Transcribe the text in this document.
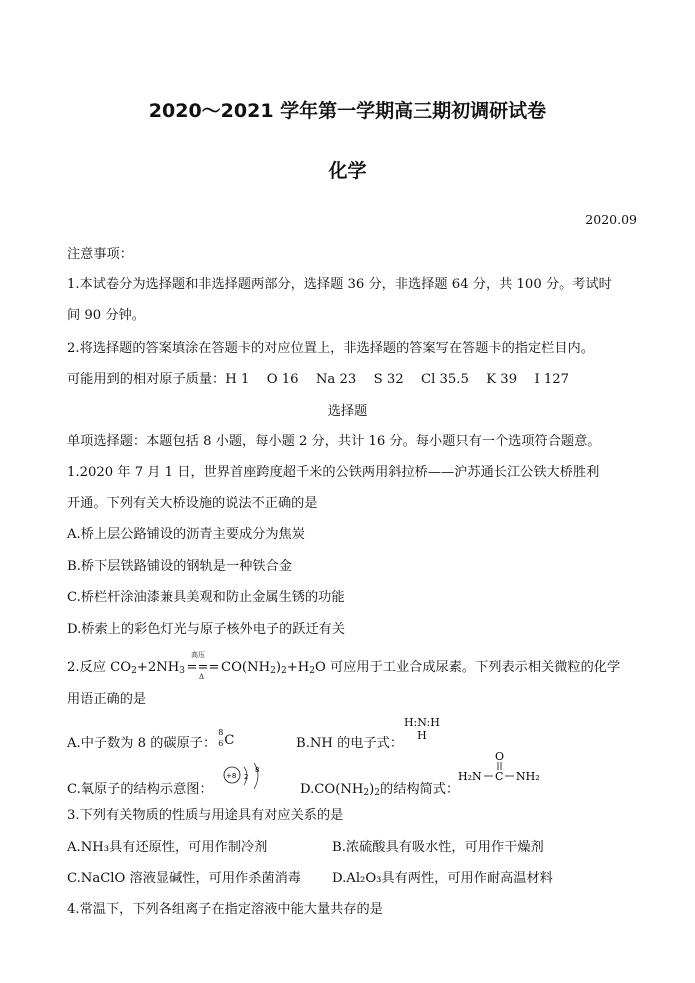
2020～2021 学年第一学期高三期初调研试卷
化学
2020.09
注意事项：
1.本试卷分为选择题和非选择题两部分，选择题 36 分，非选择题 64 分，共 100 分。考试时
间 90 分钟。
2.将选择题的答案填涂在答题卡的对应位置上，非选择题的答案写在答题卡的指定栏目内。
可能用到的相对原子质量：H 1　 O 16　 Na 23　 S 32　 Cl 35.5　 K 39　 I 127
选择题
单项选择题：本题包括 8 小题，每小题 2 分，共计 16 分。每小题只有一个选项符合题意。
1.2020 年 7 月 1 日，世界首座跨度超千米的公铁两用斜拉桥——沪苏通长江公铁大桥胜利
开通。下列有关大桥设施的说法不正确的是
A.桥上层公路铺设的沥青主要成分为焦炭
B.桥下层铁路铺设的钢轨是一种铁合金
C.桥栏杆涂油漆兼具美观和防止金属生锈的功能
D.桥索上的彩色灯光与原子核外电子的跃迁有关
2.反应 $CO_2+2NH_3$
高压
===
Δ
$CO(NH_2)_2+H_2O$ 可应用于工业合成尿素。下列表示相关微粒的化学
用语正确的是
A.中子数为 8 的碳原子：
8
6 C	B.NH 的电子式：
H:N:H
H
C.氧原子的结构示意图：
+8 2
8
$D.CO(NH_2)_2$的结构简式：
H₂N C
O
NH₂
3.下列有关物质的性质与用途具有对应关系的是
A.NH₃具有还原性，可用作制冷剂	B.浓硫酸具有吸水性，可用作干燥剂
C.NaClO 溶液显碱性，可用作杀菌消毒 D.Al₂O₃具有两性，可用作耐高温材料
4.常温下，下列各组离子在指定溶液中能大量共存的是
